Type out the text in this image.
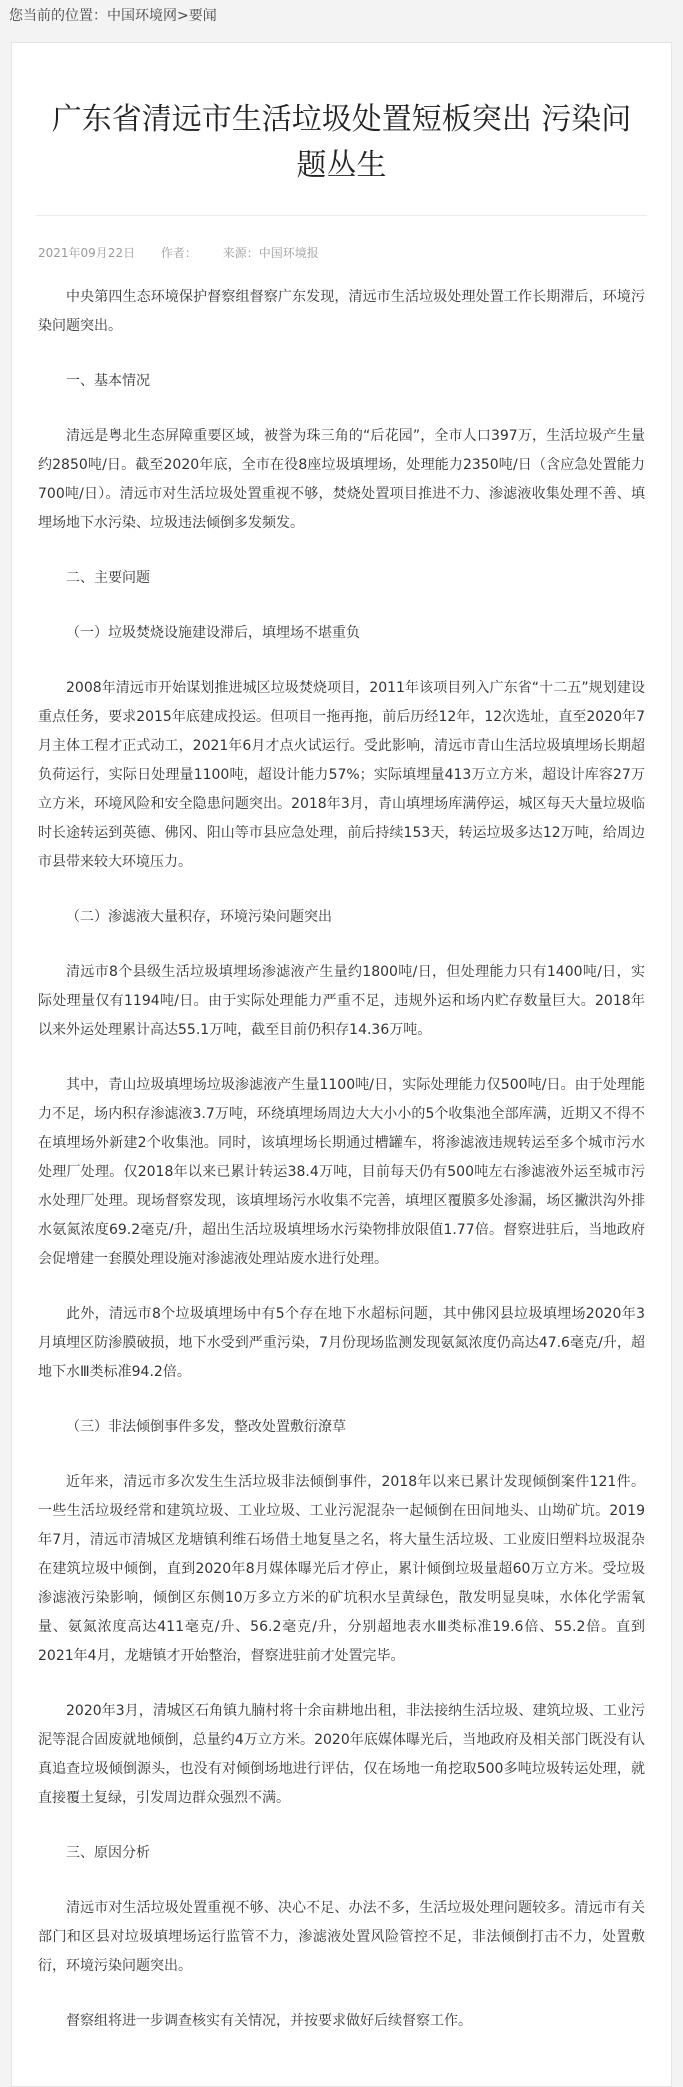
您当前的位置：中国环境网>要闻
广东省清远市生活垃圾处置短板突出 污染问题丛生
2021年09月22日 作者： 来源：中国环境报

中央第四生态环境保护督察组督察广东发现，清远市生活垃圾处理处置工作长期滞后，环境污染问题突出。

一、基本情况

清远是粤北生态屏障重要区域，被誉为珠三角的“后花园”，全市人口397万，生活垃圾产生量约2850吨/日。截至2020年底，全市在役8座垃圾填埋场，处理能力2350吨/日（含应急处置能力700吨/日）。清远市对生活垃圾处置重视不够，焚烧处置项目推进不力、渗滤液收集处理不善、填埋场地下水污染、垃圾违法倾倒多发频发。

二、主要问题

（一）垃圾焚烧设施建设滞后，填埋场不堪重负

2008年清远市开始谋划推进城区垃圾焚烧项目，2011年该项目列入广东省“十二五”规划建设重点任务，要求2015年底建成投运。但项目一拖再拖，前后历经12年，12次选址，直至2020年7月主体工程才正式动工，2021年6月才点火试运行。受此影响，清远市青山生活垃圾填埋场长期超负荷运行，实际日处理量1100吨，超设计能力57%；实际填埋量413万立方米，超设计库容27万立方米，环境风险和安全隐患问题突出。2018年3月，青山填埋场库满停运，城区每天大量垃圾临时长途转运到英德、佛冈、阳山等市县应急处理，前后持续153天，转运垃圾多达12万吨，给周边市县带来较大环境压力。

（二）渗滤液大量积存，环境污染问题突出

清远市8个县级生活垃圾填埋场渗滤液产生量约1800吨/日，但处理能力只有1400吨/日，实际处理量仅有1194吨/日。由于实际处理能力严重不足，违规外运和场内贮存数量巨大。2018年以来外运处理累计高达55.1万吨，截至目前仍积存14.36万吨。

其中，青山垃圾填埋场垃圾渗滤液产生量1100吨/日，实际处理能力仅500吨/日。由于处理能力不足，场内积存渗滤液3.7万吨，环绕填埋场周边大大小小的5个收集池全部库满，近期又不得不在填埋场外新建2个收集池。同时，该填埋场长期通过槽罐车，将渗滤液违规转运至多个城市污水处理厂处理。仅2018年以来已累计转运38.4万吨，目前每天仍有500吨左右渗滤液外运至城市污水处理厂处理。现场督察发现，该填埋场污水收集不完善，填埋区覆膜多处渗漏，场区撇洪沟外排水氨氮浓度69.2毫克/升，超出生活垃圾填埋场水污染物排放限值1.77倍。督察进驻后，当地政府会促增建一套膜处理设施对渗滤液处理站废水进行处理。

此外，清远市8个垃圾填埋场中有5个存在地下水超标问题，其中佛冈县垃圾填埋场2020年3月填埋区防渗膜破损，地下水受到严重污染，7月份现场监测发现氨氮浓度仍高达47.6毫克/升，超地下水Ⅲ类标准94.2倍。

（三）非法倾倒事件多发，整改处置敷衍潦草

近年来，清远市多次发生生活垃圾非法倾倒事件，2018年以来已累计发现倾倒案件121件。一些生活垃圾经常和建筑垃圾、工业垃圾、工业污泥混杂一起倾倒在田间地头、山坳矿坑。2019年7月，清远市清城区龙塘镇利维石场借土地复垦之名，将大量生活垃圾、工业废旧塑料垃圾混杂在建筑垃圾中倾倒，直到2020年8月媒体曝光后才停止，累计倾倒垃圾量超60万立方米。受垃圾渗滤液污染影响，倾倒区东侧10万多立方米的矿坑积水呈黄绿色，散发明显臭味，水体化学需氧量、氨氮浓度高达411毫克/升、56.2毫克/升，分别超地表水Ⅲ类标准19.6倍、55.2倍。直到2021年4月，龙塘镇才开始整治，督察进驻前才处置完毕。

2020年3月，清城区石角镇九腩村将十余亩耕地出租，非法接纳生活垃圾、建筑垃圾、工业污泥等混合固废就地倾倒，总量约4万立方米。2020年底媒体曝光后，当地政府及相关部门既没有认真追查垃圾倾倒源头，也没有对倾倒场地进行评估，仅在场地一角挖取500多吨垃圾转运处理，就直接覆土复绿，引发周边群众强烈不满。

三、原因分析

清远市对生活垃圾处置重视不够、决心不足、办法不多，生活垃圾处理问题较多。清远市有关部门和区县对垃圾填埋场运行监管不力，渗滤液处置风险管控不足，非法倾倒打击不力，处置敷衍，环境污染问题突出。

督察组将进一步调查核实有关情况，并按要求做好后续督察工作。
